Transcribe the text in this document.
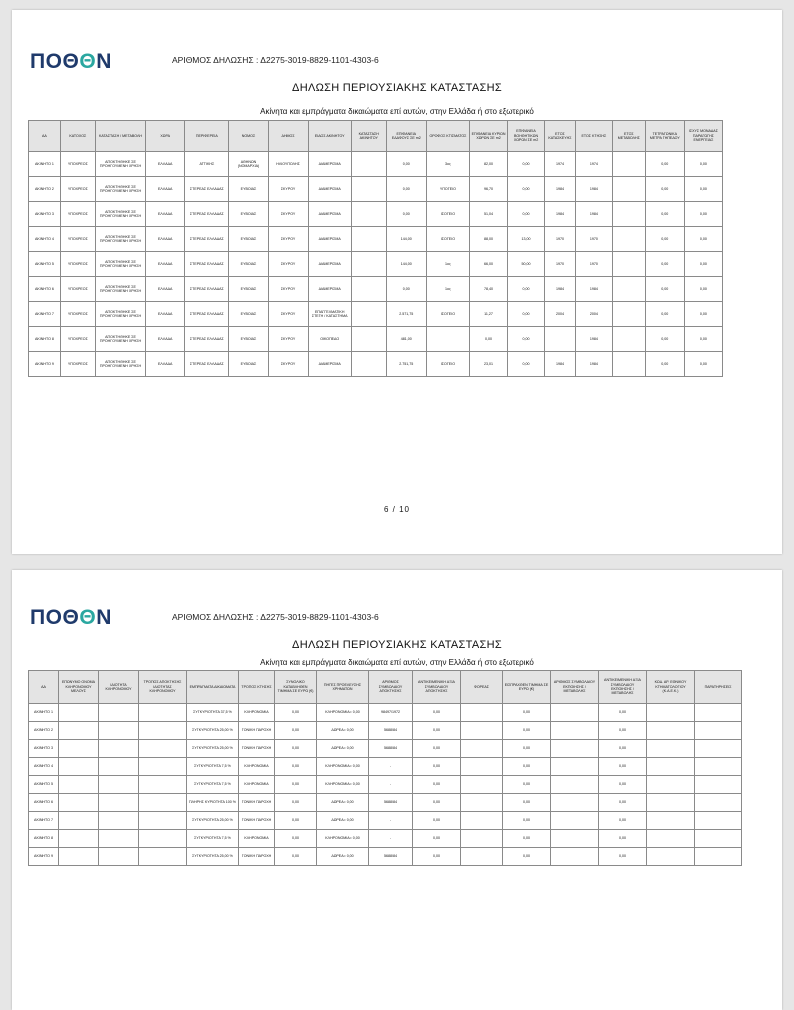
ΠΟΘΘΝ	ΑΡΙΘΜΟΣ ΔΗΛΩΣΗΣ : Δ2275-3019-8829-1101-4303-6
ΔΗΛΩΣΗ ΠΕΡΙΟΥΣΙΑΚΗΣ ΚΑΤΑΣΤΑΣΗΣ
Ακίνητα και εμπράγματα δικαιώματα επί αυτών, στην Ελλάδα ή στο εξωτερικό
ΑΑ	ΚΑΤΟΧΟΣ	ΚΑΤΑΣΤΑΣΗ / ΜΕΤΑΒΟΛΗ	ΧΩΡΑ	ΠΕΡΙΦΕΡΕΙΑ	ΝΟΜΟΣ	ΔΗΜΟΣ	ΕΙΔΟΣ ΑΚΙΝΗΤΟΥ	ΚΑΤΑΣΤΑΣΗ ΑΚΙΝΗΤΟΥ	ΕΠΙΦΑΝΕΙΑ ΕΔΑΦΟΥΣ ΣΕ m2	ΟΡΟΦΟΣ ΚΤΙΣΜΑΤΟΣ	ΕΠΙΦΑΝΕΙΑ ΚΥΡΙΩΝ ΧΩΡΩΝ ΣΕ m2	ΕΠΙΦΑΝΕΙΑ ΒΟΗΘΗΤΙΚΩΝ ΧΩΡΩΝ ΣΕ m2	ΕΤΟΣ ΚΑΤΑΣΚΕΥΗΣ	ΕΤΟΣ ΚΤΗΣΗΣ	ΕΤΟΣ ΜΕΤΑΒΟΛΗΣ	ΤΕΤΡΑΓΩΝΙΚΑ ΜΕΤΡΑ ΓΗΠΕΔΟΥ	ΙΣΧΥΣ ΜΟΝΑΔΑΣ ΠΑΡΑΓΩΓΗΣ ΕΝΕΡΓΕΙΑΣ
ΑΚΙΝΗΤΟ 1	ΥΠΟΧΡΕΟΣ	ΑΠΟΚΤΗΘΗΚΕ ΣΕ ΠΡΟΗΓΟΥΜΕΝΗ ΧΡΗΣΗ	ΕΛΛΑΔΑ	ΑΤΤΙΚΗΣ	ΑΘΗΝΩΝ (ΝΟΜΑΡΧΙΑ)	ΗΛΙΟΥΠΟΛΗΣ	ΔΙΑΜΕΡΙΣΜΑ		0,00	3ος	82,00	0,00	1974	1974		0,00	0,00
ΑΚΙΝΗΤΟ 2	ΥΠΟΧΡΕΟΣ	ΑΠΟΚΤΗΘΗΚΕ ΣΕ ΠΡΟΗΓΟΥΜΕΝΗ ΧΡΗΣΗ	ΕΛΛΑΔΑ	ΣΤΕΡΕΑΣ ΕΛΛΑΔΑΣ	ΕΥΒΟΙΑΣ	ΣΚΥΡΟΥ	ΔΙΑΜΕΡΙΣΜΑ		0,00	ΥΠΟΓΕΙΟ	96,70	0,00	1984	1984		0,00	0,00
ΑΚΙΝΗΤΟ 3	ΥΠΟΧΡΕΟΣ	ΑΠΟΚΤΗΘΗΚΕ ΣΕ ΠΡΟΗΓΟΥΜΕΝΗ ΧΡΗΣΗ	ΕΛΛΑΔΑ	ΣΤΕΡΕΑΣ ΕΛΛΑΔΑΣ	ΕΥΒΟΙΑΣ	ΣΚΥΡΟΥ	ΔΙΑΜΕΡΙΣΜΑ		0,00	ΙΣΟΓΕΙΟ	51,04	0,00	1984	1984		0,00	0,00
ΑΚΙΝΗΤΟ 4	ΥΠΟΧΡΕΟΣ	ΑΠΟΚΤΗΘΗΚΕ ΣΕ ΠΡΟΗΓΟΥΜΕΝΗ ΧΡΗΣΗ	ΕΛΛΑΔΑ	ΣΤΕΡΕΑΣ ΕΛΛΑΔΑΣ	ΕΥΒΟΙΑΣ	ΣΚΥΡΟΥ	ΔΙΑΜΕΡΙΣΜΑ		144,00	ΙΣΟΓΕΙΟ	88,00	13,00	1970	1970		0,00	0,00
ΑΚΙΝΗΤΟ 5	ΥΠΟΧΡΕΟΣ	ΑΠΟΚΤΗΘΗΚΕ ΣΕ ΠΡΟΗΓΟΥΜΕΝΗ ΧΡΗΣΗ	ΕΛΛΑΔΑ	ΣΤΕΡΕΑΣ ΕΛΛΑΔΑΣ	ΕΥΒΟΙΑΣ	ΣΚΥΡΟΥ	ΔΙΑΜΕΡΙΣΜΑ		144,00	1ος	66,00	50,00	1970	1970		0,00	0,00
ΑΚΙΝΗΤΟ 6	ΥΠΟΧΡΕΟΣ	ΑΠΟΚΤΗΘΗΚΕ ΣΕ ΠΡΟΗΓΟΥΜΕΝΗ ΧΡΗΣΗ	ΕΛΛΑΔΑ	ΣΤΕΡΕΑΣ ΕΛΛΑΔΑΣ	ΕΥΒΟΙΑΣ	ΣΚΥΡΟΥ	ΔΙΑΜΕΡΙΣΜΑ		0,00	1ος	78,40	0,00	1984	1984		0,00	0,00
ΑΚΙΝΗΤΟ 7	ΥΠΟΧΡΕΟΣ	ΑΠΟΚΤΗΘΗΚΕ ΣΕ ΠΡΟΗΓΟΥΜΕΝΗ ΧΡΗΣΗ	ΕΛΛΑΔΑ	ΣΤΕΡΕΑΣ ΕΛΛΑΔΑΣ	ΕΥΒΟΙΑΣ	ΣΚΥΡΟΥ	ΕΠΑΓΓΕΛΜΑΤΙΚΗ ΣΤΕΓΗ / ΚΑΤΑΣΤΗΜΑ		2.571,75	ΙΣΟΓΕΙΟ	11,27	0,00	2004	2004		0,00	0,00
ΑΚΙΝΗΤΟ 8	ΥΠΟΧΡΕΟΣ	ΑΠΟΚΤΗΘΗΚΕ ΣΕ ΠΡΟΗΓΟΥΜΕΝΗ ΧΡΗΣΗ	ΕΛΛΑΔΑ	ΣΤΕΡΕΑΣ ΕΛΛΑΔΑΣ	ΕΥΒΟΙΑΣ	ΣΚΥΡΟΥ	ΟΙΚΟΠΕΔΟ		481,00		0,00	0,00		1984		0,00	0,00
ΑΚΙΝΗΤΟ 9	ΥΠΟΧΡΕΟΣ	ΑΠΟΚΤΗΘΗΚΕ ΣΕ ΠΡΟΗΓΟΥΜΕΝΗ ΧΡΗΣΗ	ΕΛΛΑΔΑ	ΣΤΕΡΕΑΣ ΕΛΛΑΔΑΣ	ΕΥΒΟΙΑΣ	ΣΚΥΡΟΥ	ΔΙΑΜΕΡΙΣΜΑ		2.751,75	ΙΣΟΓΕΙΟ	23,01	0,00	1984	1984		0,00	0,00
6 / 10
ΠΟΘΘΝ	ΑΡΙΘΜΟΣ ΔΗΛΩΣΗΣ : Δ2275-3019-8829-1101-4303-6
ΔΗΛΩΣΗ ΠΕΡΙΟΥΣΙΑΚΗΣ ΚΑΤΑΣΤΑΣΗΣ
Ακίνητα και εμπράγματα δικαιώματα επί αυτών, στην Ελλάδα ή στο εξωτερικό
ΑΑ	ΕΠΩΝΥΜΟ ΟΝΟΜΑ ΚΛΗΡΟΝΟΜΟΥ ΜΕΛΟΥΣ	ΙΔΙΟΤΗΤΑ ΚΛΗΡΟΝΟΜΟΥ	ΤΡΟΠΟΣ ΑΠΟΚΤΗΣΗΣ ΙΔΙΟΤΗΤΑΣ ΚΛΗΡΟΝΟΜΟΥ	ΕΜΠΡΑΓΜΑΤΑ ΔΙΚΑΙΩΜΑΤΑ	ΤΡΟΠΟΣ ΚΤΗΣΗΣ	ΣΥΝΟΛΙΚΟ ΚΑΤΑΒΛΗΘΕΝ ΤΙΜΗΜΑ ΣΕ ΕΥΡΩ (€)	ΠΗΓΕΣ ΠΡΟΕΛΕΥΣΗΣ ΧΡΗΜΑΤΩΝ	ΑΡΙΘΜΟΣ ΣΥΜΒΟΛΑΙΟΥ ΑΠΟΚΤΗΣΗΣ	ΑΝΤΙΚΕΙΜΕΝΙΚΗ ΑΞΙΑ ΣΥΜΒΟΛΑΙΟΥ ΑΠΟΚΤΗΣΗΣ	ΦΟΡΕΑΣ	ΕΙΣΠΡΑΧΘΕΝ ΤΙΜΗΜΑ ΣΕ ΕΥΡΩ (€)	ΑΡΙΘΜΟΣ ΣΥΜΒΟΛΑΙΟΥ ΕΚΠΟΙΗΣΗΣ / ΜΕΤΑΒΟΛΗΣ	ΑΝΤΙΚΕΙΜΕΝΙΚΗ ΑΞΙΑ ΣΥΜΒΟΛΑΙΟΥ ΕΚΠΟΙΗΣΗΣ / ΜΕΤΑΒΟΛΗΣ	ΚΩΔ. ΑΡ. ΕΘΝΙΚΟΥ ΚΤΗΜΑΤΟΛΟΓΙΟΥ (Κ.Α.Ε.Κ.)	ΠΑΡΑΤΗΡΗΣΕΙΣ
ΑΚΙΝΗΤΟ 1				ΣΥΓΚΥΡΙΟΤΗΤΑ 37,5 %	ΚΛΗΡΟΝΟΜΙΑ	0,00	ΚΛΗΡΟΝΟΜΙΑ= 0,00	98497/1972	0,00		0,00		0,00		
ΑΚΙΝΗΤΟ 2				ΣΥΓΚΥΡΙΟΤΗΤΑ 25,00 %	ΓΟΝΙΚΗ ΠΑΡΟΧΗ	0,00	ΔΩΡΕΑ= 0,00	5688/84	0,00		0,00		0,00		
ΑΚΙΝΗΤΟ 3				ΣΥΓΚΥΡΙΟΤΗΤΑ 25,00 %	ΓΟΝΙΚΗ ΠΑΡΟΧΗ	0,00	ΔΩΡΕΑ= 0,00	5688/84	0,00		0,00		0,00		
ΑΚΙΝΗΤΟ 4				ΣΥΓΚΥΡΙΟΤΗΤΑ 7,5 %	ΚΛΗΡΟΝΟΜΙΑ	0,00	ΚΛΗΡΟΝΟΜΙΑ= 0,00	-	0,00		0,00		0,00		
ΑΚΙΝΗΤΟ 5				ΣΥΓΚΥΡΙΟΤΗΤΑ 7,5 %	ΚΛΗΡΟΝΟΜΙΑ	0,00	ΚΛΗΡΟΝΟΜΙΑ= 0,00	-	0,00		0,00		0,00		
ΑΚΙΝΗΤΟ 6				ΠΛΗΡΗΣ ΚΥΡΙΟΤΗΤΑ 100 %	ΓΟΝΙΚΗ ΠΑΡΟΧΗ	0,00	ΔΩΡΕΑ= 0,00	5688/84	0,00		0,00		0,00		
ΑΚΙΝΗΤΟ 7				ΣΥΓΚΥΡΙΟΤΗΤΑ 25,00 %	ΓΟΝΙΚΗ ΠΑΡΟΧΗ	0,00	ΔΩΡΕΑ= 0,00	-	0,00		0,00		0,00		
ΑΚΙΝΗΤΟ 8				ΣΥΓΚΥΡΙΟΤΗΤΑ 7,5 %	ΚΛΗΡΟΝΟΜΙΑ	0,00	ΚΛΗΡΟΝΟΜΙΑ= 0,00	-	0,00		0,00		0,00		
ΑΚΙΝΗΤΟ 9				ΣΥΓΚΥΡΙΟΤΗΤΑ 25,00 %	ΓΟΝΙΚΗ ΠΑΡΟΧΗ	0,00	ΔΩΡΕΑ= 0,00	5688/84	0,00		0,00		0,00		
